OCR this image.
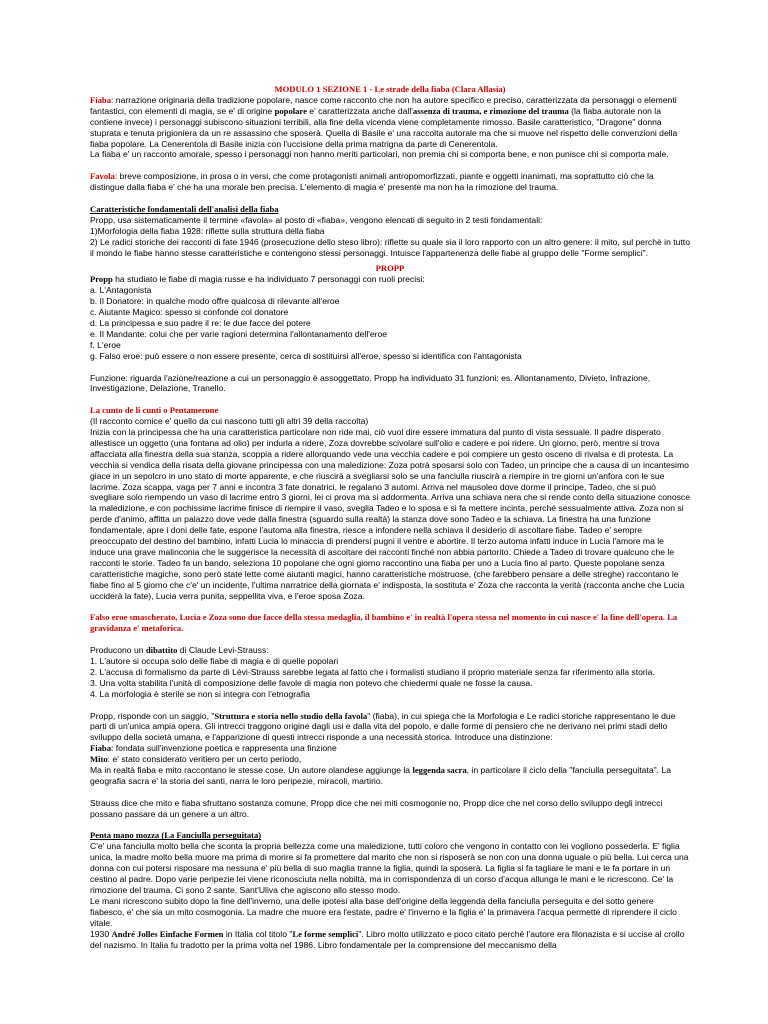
MODULO 1 SEZIONE 1 - Le strade della fiaba (Clara Allasia)

Fiaba: narrazione originaria della tradizione popolare, nasce come racconto che non ha autore specifico e preciso, caratterizzata da personaggi o elementi fantastici, con elementi di magia, se e' di origine popolare e' caratterizzata anche dall'assenza di trauma, e rimozione del trauma (la fiaba autorale non la contiene invece) i personaggi subiscono situazioni terribili, alla fine della vicenda viene completamente rimosso. Basile caratteristico, "Dragone" donna stuprata e tenuta prigioniera da un re assassino che sposerà. Quella di Basile e' una raccolta autorale ma che si muove nel rispetto delle convenzioni della fiaba popolare. La Cenerentola di Basile inizia con l'uccisione della prima matrigna da parte di Cenerentola.

La fiaba e' un racconto amorale, spesso i personaggi non hanno meriti particolari, non premia chi si comporta bene, e non punisce chi si comporta male.

Favola: breve composizione, in prosa o in versi, che come protagonisti animali antropomorfizzati, piante e oggetti inanimati, ma soprattutto ciò che la distingue dalla fiaba e' che ha una morale ben precisa. L'elemento di magia e' presente ma non ha la rimozione del trauma.

Caratteristiche fondamentali dell'analisi della fiaba

Propp, usa sistematicamente il termine «favola» al posto di «fiaba», vengono elencati di seguito in 2 testi fondamentali:

1)Morfologia della fiaba 1928: riflette sulla struttura della fiaba

2) Le radici storiche dei racconti di fate 1946 (prosecuzione dello steso libro): riflette su quale sia il loro rapporto con un altro genere: il mito, sul perchè in tutto il mondo le fiabe hanno stesse caratteristiche e contengono stessi personaggi. Intuisce l'appartenenza delle fiabe al gruppo delle "Forme semplici".

PROPP

Propp ha studiato le fiabe di magia russe e ha individuato 7 personaggi con ruoli precisi:

a. L'Antagonista

b. Il Donatore: in qualche modo offre qualcosa di rilevante all'eroe

c. Aiutante Magico: spesso si confonde col donatore

d. La principessa e suo padre il re: le due facce del potere

e. Il Mandante: colui che per varie ragioni determina l'allontanamento dell'eroe

f. L'eroe

g. Falso eroe: può essere o non essere presente, cerca di sostituirsi all'eroe, spesso si identifica con l'antagonista

Funzione: riguarda l'azione/reazione a cui un personaggio è assoggettato. Propp ha individuato 31 funzioni: es. Allontanamento, Divieto, Infrazione, Investigazione, Delazione, Tranello.

La cunto de li cunti o Pentamerone

(Il racconto cornice e' quello da cui nascono tutti gli altri 39 della raccolta)

Inizia con la principessa che ha una caratteristica particolare non ride mai, ciò vuol dire essere immatura dal punto di vista sessuale. Il padre disperato allestisce un oggetto (una fontana ad olio) per indurla a ridere, Zoza dovrebbe scivolare sull'olio e cadere e poi ridere. Un giorno, però, mentre si trova affacciata alla finestra della sua stanza, scoppia a ridere allorquando vede una vecchia cadere e poi compiere un gesto osceno di rivalsa e di protesta. La vecchia si vendica della risata della giovane principessa con una maledizione: Zoza potrà sposarsi solo con Tadeo, un principe che a causa di un incantesimo giace in un sepolcro in uno stato di morte apparente, e che riuscirà a svegliarsi solo se una fanciulla riuscirà a riempire in tre giorni un'anfora con le sue lacrime. Zoza scappa, vaga per 7 anni e incontra 3 fate donatrici, le regalano 3 automi. Arriva nel mausoleo dove dorme il principe, Tadeo, che si può svegliare solo riempendo un vaso di lacrime entro 3 giorni, lei ci prova ma si addormenta. Arriva una schiava nera che si rende conto della situazione conosce la maledizione, e con pochissime lacrime finisce di riempire il vaso, sveglia Tadeo e lo sposa e si fa mettere incinta, perché sessualmente attiva. Zoza non si perde d'animo, affitta un palazzo dove vede dalla finestra (sguardo sulla realtà) la stanza dove sono Tadeo e la schiava. La finestra ha una funzione fondamentale, apre i doni delle fate, espone l'automa alla finestra, riesce a infondere nella schiava il desiderio di ascoltare fiabe. Tadeo e' sempre preoccupato del destino del bambino, infatti Lucia lo minaccia di prendersi pugni il ventre e abortire. Il terzo automa infatti induce in Lucia l'amore ma le induce una grave malinconia che le suggerisce la necessità di ascoltare dei racconti finché non abbia partorito. Chiede a Tadeo di trovare qualcuno che le racconti le storie. Tadeo fa un bando, seleziona 10 popolane che ogni giorno raccontino una fiaba per uno a Lucia fino al parto. Queste popolane senza caratteristiche magiche, sono però state lette come aiutanti magici, hanno caratteristiche mostruose, (che farebbero pensare a delle streghe) raccontano le fiabe fino al 5 giorno che c'e' un incidente, l'ultima narratrice della giornata e' indisposta, la sostituta e' Zoza che racconta la verità (racconta anche che Lucia ucciderà la fate), Lucia verra punita, seppellita viva, e l'eroe sposa Zoza.

Falso eroe smascherato, Lucia e Zoza sono due facce della stessa medaglia, il bambino e' in realtà l'opera stessa nel momento in cui nasce e' la fine dell'opera. La gravidanza e' metaforica.

Producono un dibattito di Claude Levi-Strauss:

1. L'autore si occupa solo delle fiabe di magia e di quelle popolari

2. L'accusa di formalismo da parte di Lévi-Strauss sarebbe legata al fatto che i formalisti studiano il proprio materiale senza far riferimento alla storia.

3. Una volta stabilita l'unità di composizione delle favole di magia non potevo che chiedermi quale ne fosse la causa.

4. La morfologia è sterile se non si integra con l'etnografia

Propp, risponde con un saggio, "Struttura e storia nello studio della favola" (fiaba), in cui spiega che la Morfologia e Le radici storiche rappresentano le due parti di un'unica ampia opera. Gli intrecci traggono origine dagli usi e dalla vita del popolo, e dalle forme di pensiero che ne derivano nei primi stadi dello sviluppo della società umana, e l'apparizione di questi intrecci risponde a una necessità storica. Introduce una distinzione:

Fiaba: fondata sull'invenzione poetica e rappresenta una finzione

Mito: e' stato considerato veritiero per un certo periodo,

Ma in realtà fiaba e mito raccontano le stesse cose. Un autore olandese aggiunge la leggenda sacra, in particolare il ciclo della "fanciulla perseguitata". La geografia sacra e' la storia dei santi, narra le loro peripezie, miracoli, martirio.

Strauss dice che mito e fiaba sfruttano sostanza comune, Propp dice che nei miti cosmogonie no, Propp dice che nel corso dello sviluppo degli intrecci possano passare da un genere a un altro.

Penta mano mozza (La Fanciulla perseguitata)

C'e' una fanciulla molto bella che sconta la propria bellezza come una maledizione, tutti coloro che vengono in contatto con lei vogliono possederla. E' figlia unica, la madre molto bella muore ma prima di morire si fa promettere dal marito che non si risposerà se non con una donna uguale o più bella. Lui cerca una donna con cui potersi risposare ma nessuna e' più bella di suo maglia tranne la figlia, quindi la sposerà. La figlia si fa tagliare le mani e le fa portare in un cestino al padre. Dopo varie peripezie lei viene riconosciuta nella nobiltà, ma in corrispondenza di un corso d'acqua allunga le mani e le ricrescono. Ce' la rimozione del trauma. Ci sono 2 sante, Sant'Uliva che agiscono allo stesso modo.

Le mani ricrescono subito dopo la fine dell'inverno, una delle ipotesi alla base dell'origine della leggenda della fanciulla perseguita e del sotto genere fiabesco, e' che sia un mito cosmogonia. La madre che muore era l'estate, padre e' l'inverno e la figlia e' la primavera l'acqua permette di riprendere il ciclo vitale.

1930 André Jolles Einfache Formen in Italia col titolo "Le forme semplici". Libro molto utilizzato e poco citato perché l'autore era filonazista e si uccise al crollo del nazismo. In Italia fu tradotto per la prima volta nel 1986. Libro fondamentale per la comprensione del meccanismo della
